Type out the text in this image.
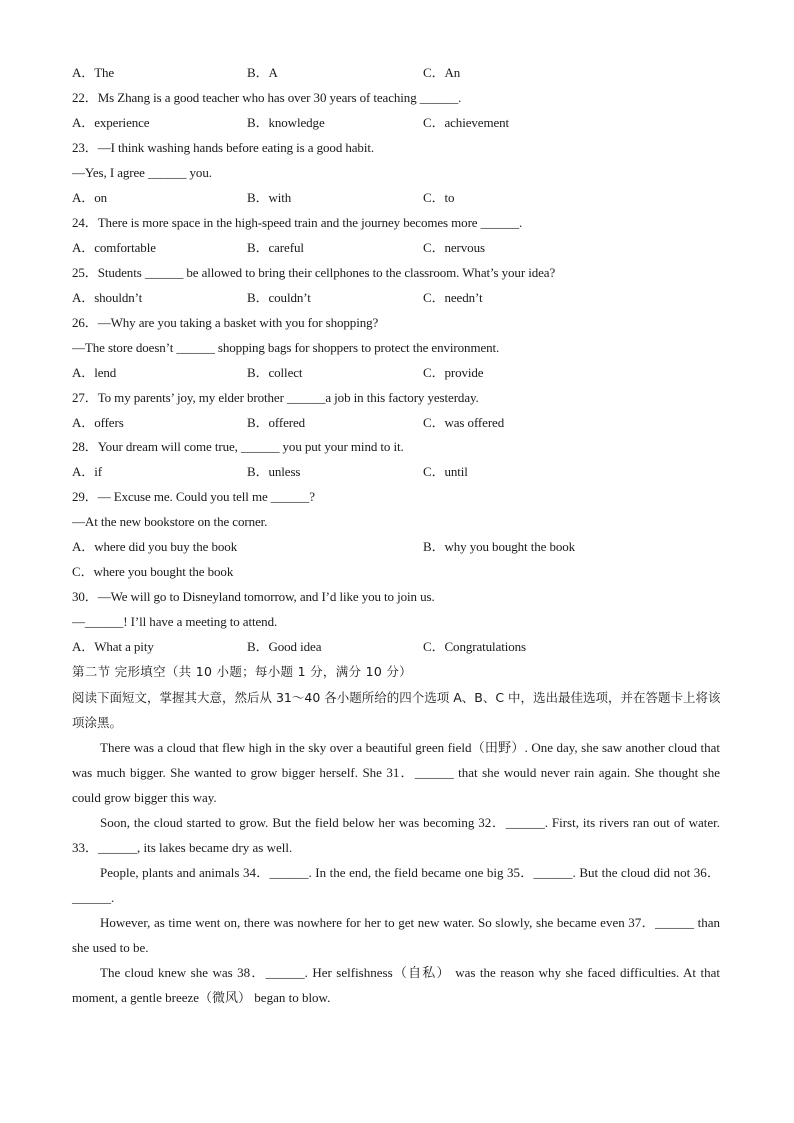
A．The	B．A	C．An
22．Ms Zhang is a good teacher who has over 30 years of teaching ______.
A．experience	B．knowledge	C．achievement
23．—I think washing hands before eating is a good habit.
—Yes, I agree ______ you.
A．on	B．with	C．to
24．There is more space in the high-speed train and the journey becomes more ______.
A．comfortable	B．careful	C．nervous
25．Students ______ be allowed to bring their cellphones to the classroom. What’s your idea?
A．shouldn’t	B．couldn’t	C．needn’t
26．—Why are you taking a basket with you for shopping?
—The store doesn’t ______ shopping bags for shoppers to protect the environment.
A．lend	B．collect	C．provide
27．To my parents’ joy, my elder brother ______a job in this factory yesterday.
A．offers	B．offered	C．was offered
28．Your dream will come true, ______ you put your mind to it.
A．if	B．unless	C．until
29．— Excuse me. Could you tell me ______?
—At the new bookstore on the corner.
A．where did you buy the book	B．why you bought the book
C．where you bought the book
30．—We will go to Disneyland tomorrow, and I’d like you to join us.
—______! I’ll have a meeting to attend.
A．What a pity	B．Good idea	C．Congratulations
第二节 完形填空（共 10 小题；每小题 1 分，满分 10 分）
阅读下面短文，掌握其大意，然后从 31～40 各小题所给的四个选项 A、B、C 中，选出最佳选项，并在答题卡上将该项涂黑。
There was a cloud that flew high in the sky over a beautiful green field（田野）. One day, she saw another cloud that was much bigger. She wanted to grow bigger herself. She 31．______ that she would never rain again. She thought she could grow bigger this way.
Soon, the cloud started to grow. But the field below her was becoming 32．______. First, its rivers ran out of water. 33．______, its lakes became dry as well.
People, plants and animals 34．______. In the end, the field became one big 35．______. But the cloud did not 36．______.
However, as time went on, there was nowhere for her to get new water. So slowly, she became even 37．______ than she used to be.
The cloud knew she was 38．______. Her selfishness（自私） was the reason why she faced difficulties. At that moment, a gentle breeze（微风） began to blow.
